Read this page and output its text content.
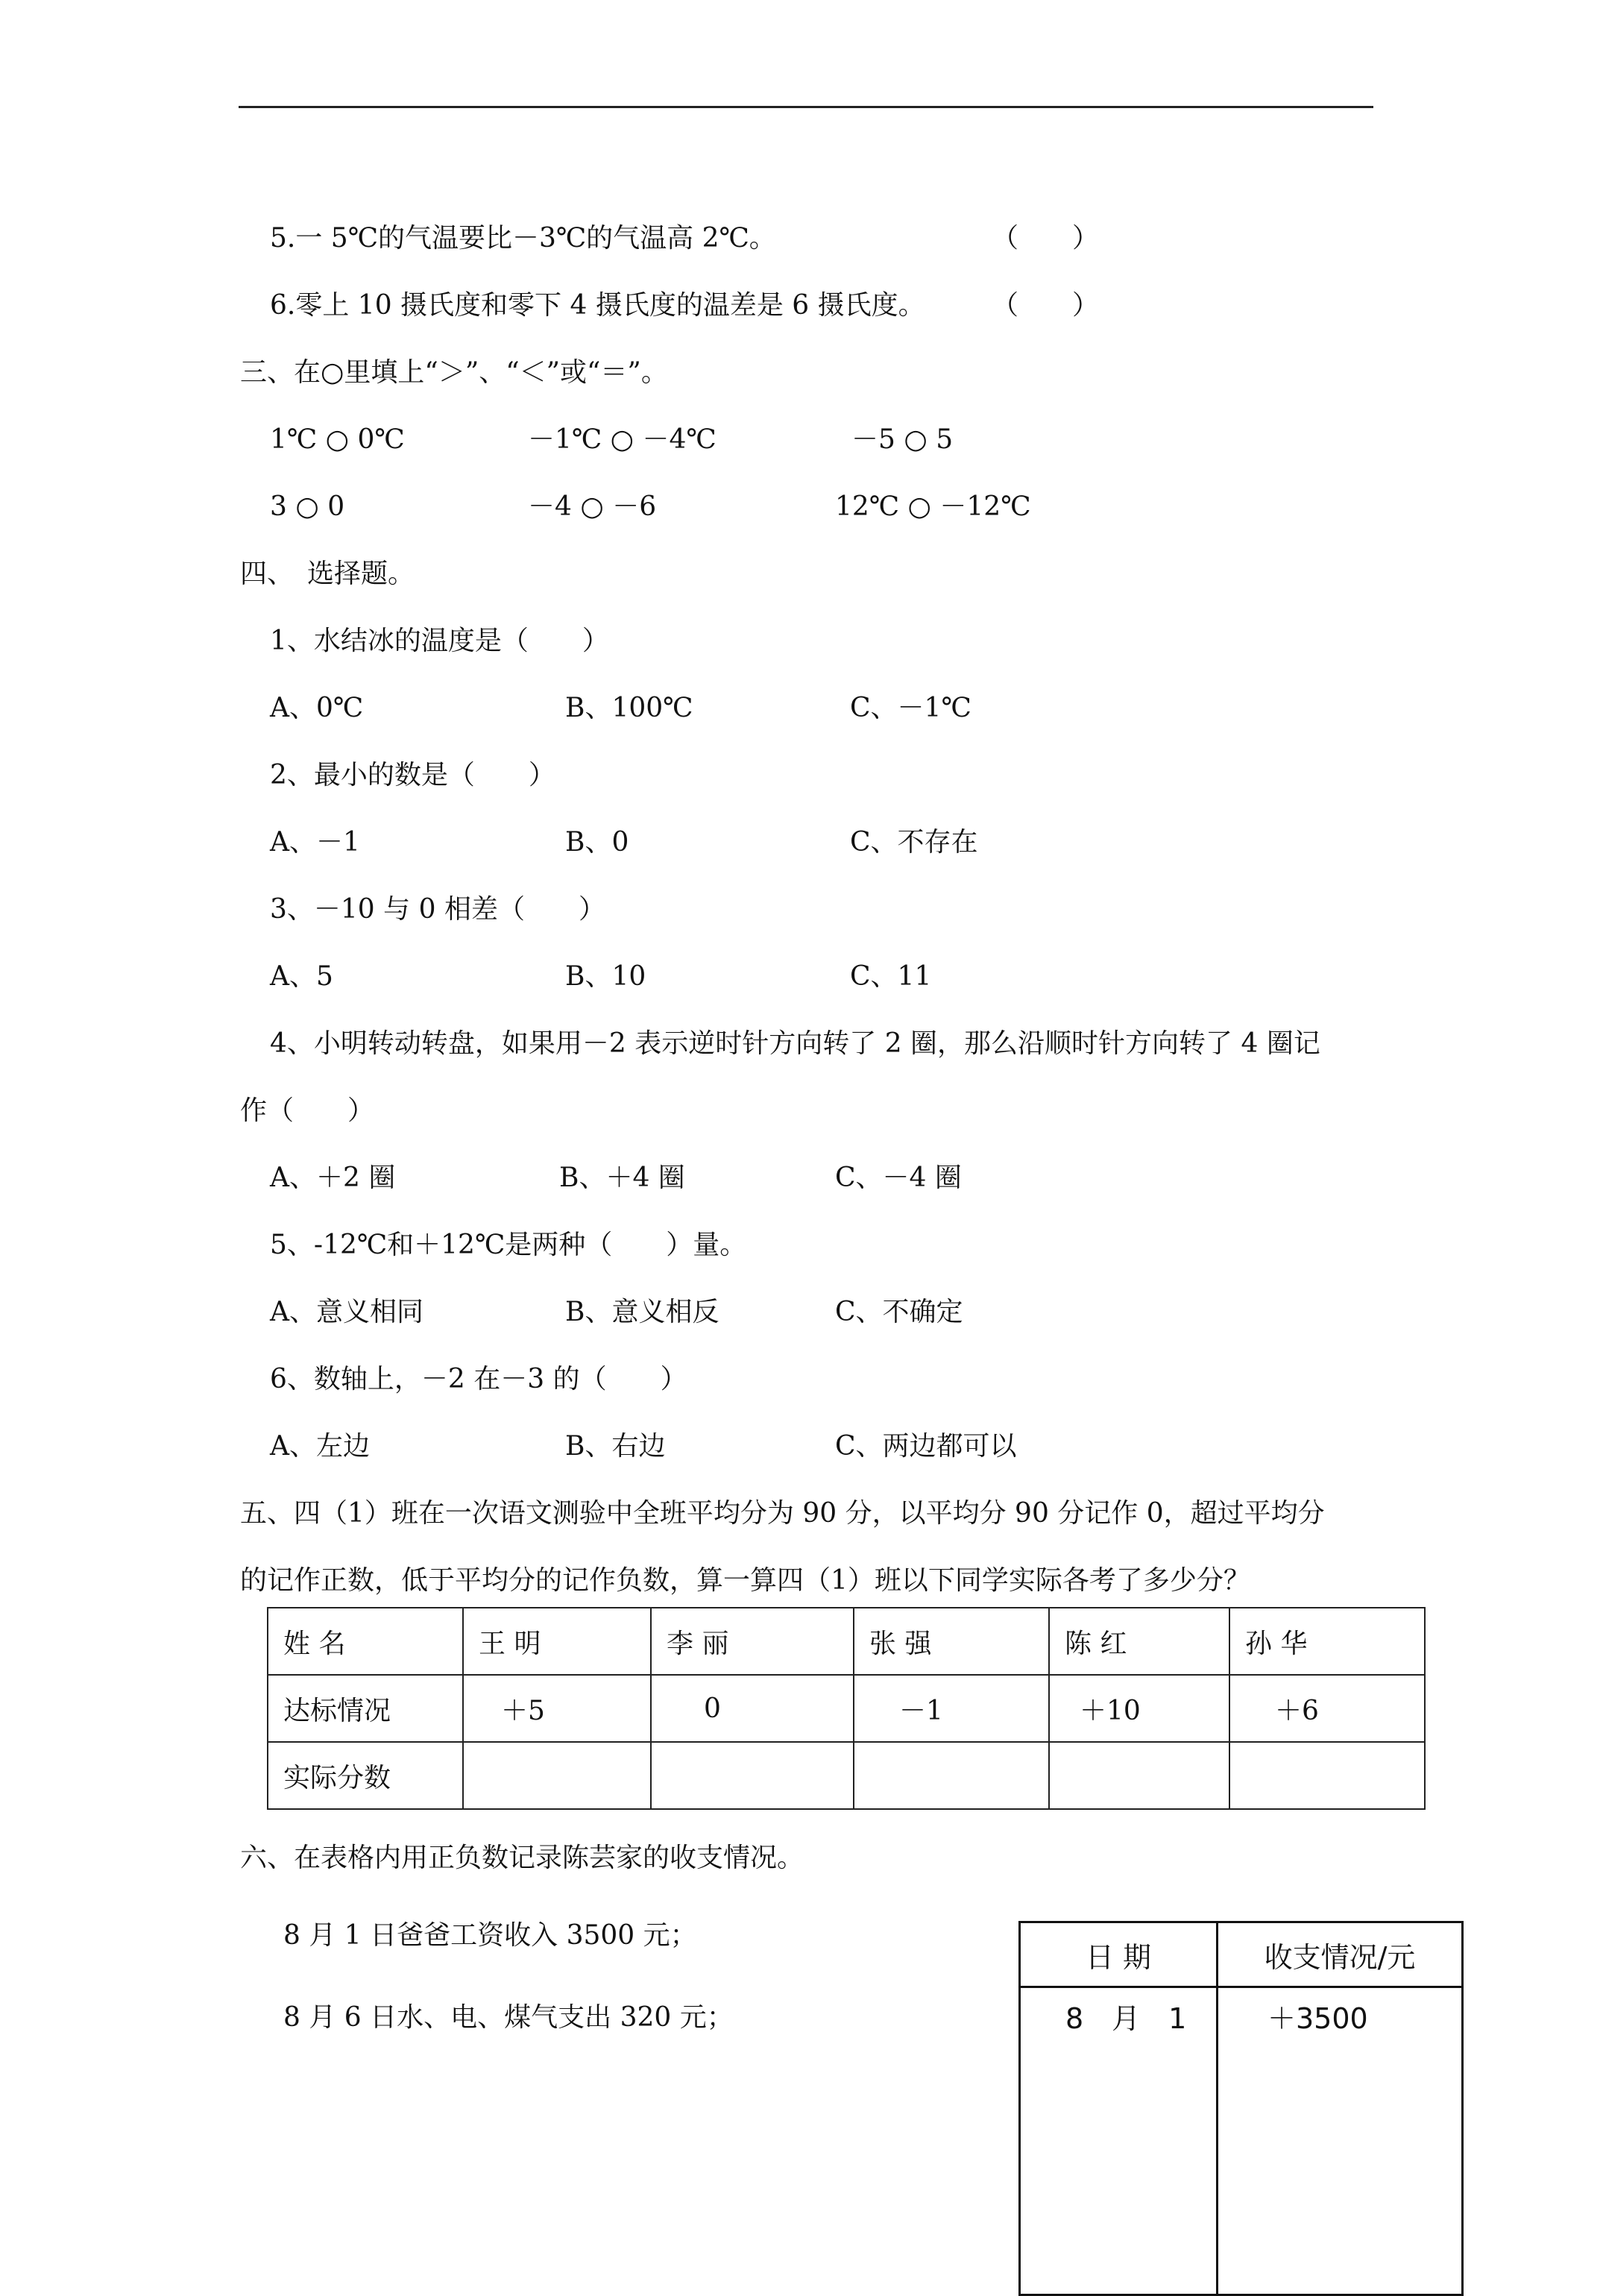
5.一 5℃的气温要比－3℃的气温高 2℃。	（　　）
6.零上 10 摄氏度和零下 4 摄氏度的温差是 6 摄氏度。 （　　）
三、在○里填上“＞”、“＜”或“＝”。
1℃ ○ 0℃	－1℃ ○ －4℃	－5 ○ 5
3 ○ 0	－4 ○ －6	12℃ ○ －12℃
四、　选择题。
1、水结冰的温度是（　　）
A、0℃	B、100℃	C、－1℃
2、最小的数是（　　）
A、－1	B、0	C、不存在
3、－10 与 0 相差（　　）
A、5	B、10	C、11
4、小明转动转盘，如果用－2 表示逆时针方向转了 2 圈，那么沿顺时针方向转了 4 圈记
作（　　）
A、＋2 圈	B、＋4 圈	C、－4 圈
5、-12℃和＋12℃是两种（　　）量。
A、意义相同	B、意义相反	C、不确定
6、数轴上，－2 在－3 的（　　）
A、左边	B、右边	C、两边都可以
五、四（1）班在一次语文测验中全班平均分为 90 分，以平均分 90 分记作 0，超过平均分
的记作正数，低于平均分的记作负数，算一算四（1）班以下同学实际各考了多少分？
姓 名	王 明	李 丽	张 强	陈 红	孙 华
达标情况	＋5	0	－1	＋10	＋6
实际分数					
六、在表格内用正负数记录陈芸家的收支情况。
8 月 1 日爸爸工资收入 3500 元；
8 月 6 日水、电、煤气支出 320 元；
日 期	收支情况/元
8　月　1	＋3500
